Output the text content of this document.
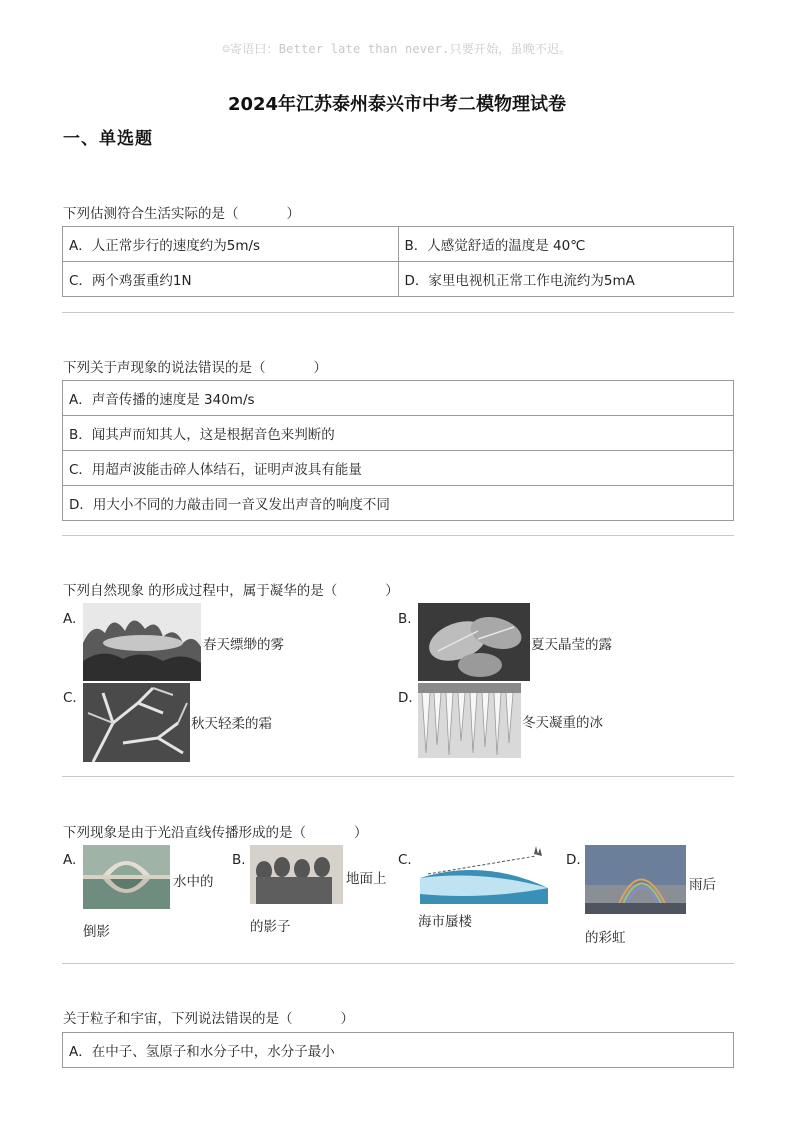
☺寄语曰：Better late than never.只要开始，虽晚不迟。
2024年江苏泰州泰兴市中考二模物理试卷
一、单选题
下列估测符合生活实际的是（	）
A．人正常步行的速度约为5m/s	B．人感觉舒适的温度是 40℃
C．两个鸡蛋重约1N	D．家里电视机正常工作电流约为5mA
下列关于声现象的说法错误的是（	）
A．声音传播的速度是 340m/s
B．闻其声而知其人，这是根据音色来判断的
C．用超声波能击碎人体结石，证明声波具有能量
D．用大小不同的力敲击同一音叉发出声音的响度不同
下列自然现象 的形成过程中，属于凝华的是（	）
A.
春天缥缈的雾
B.
夏天晶莹的露
C.
秋天轻柔的霜
D.
冬天凝重的冰
下列现象是由于光沿直线传播形成的是（	）
A.
水中的
倒影
B.
地面上
的影子
C.
海市蜃楼
D.
雨后
的彩虹
关于粒子和宇宙，下列说法错误的是（	）
A．在中子、氢原子和水分子中，水分子最小
